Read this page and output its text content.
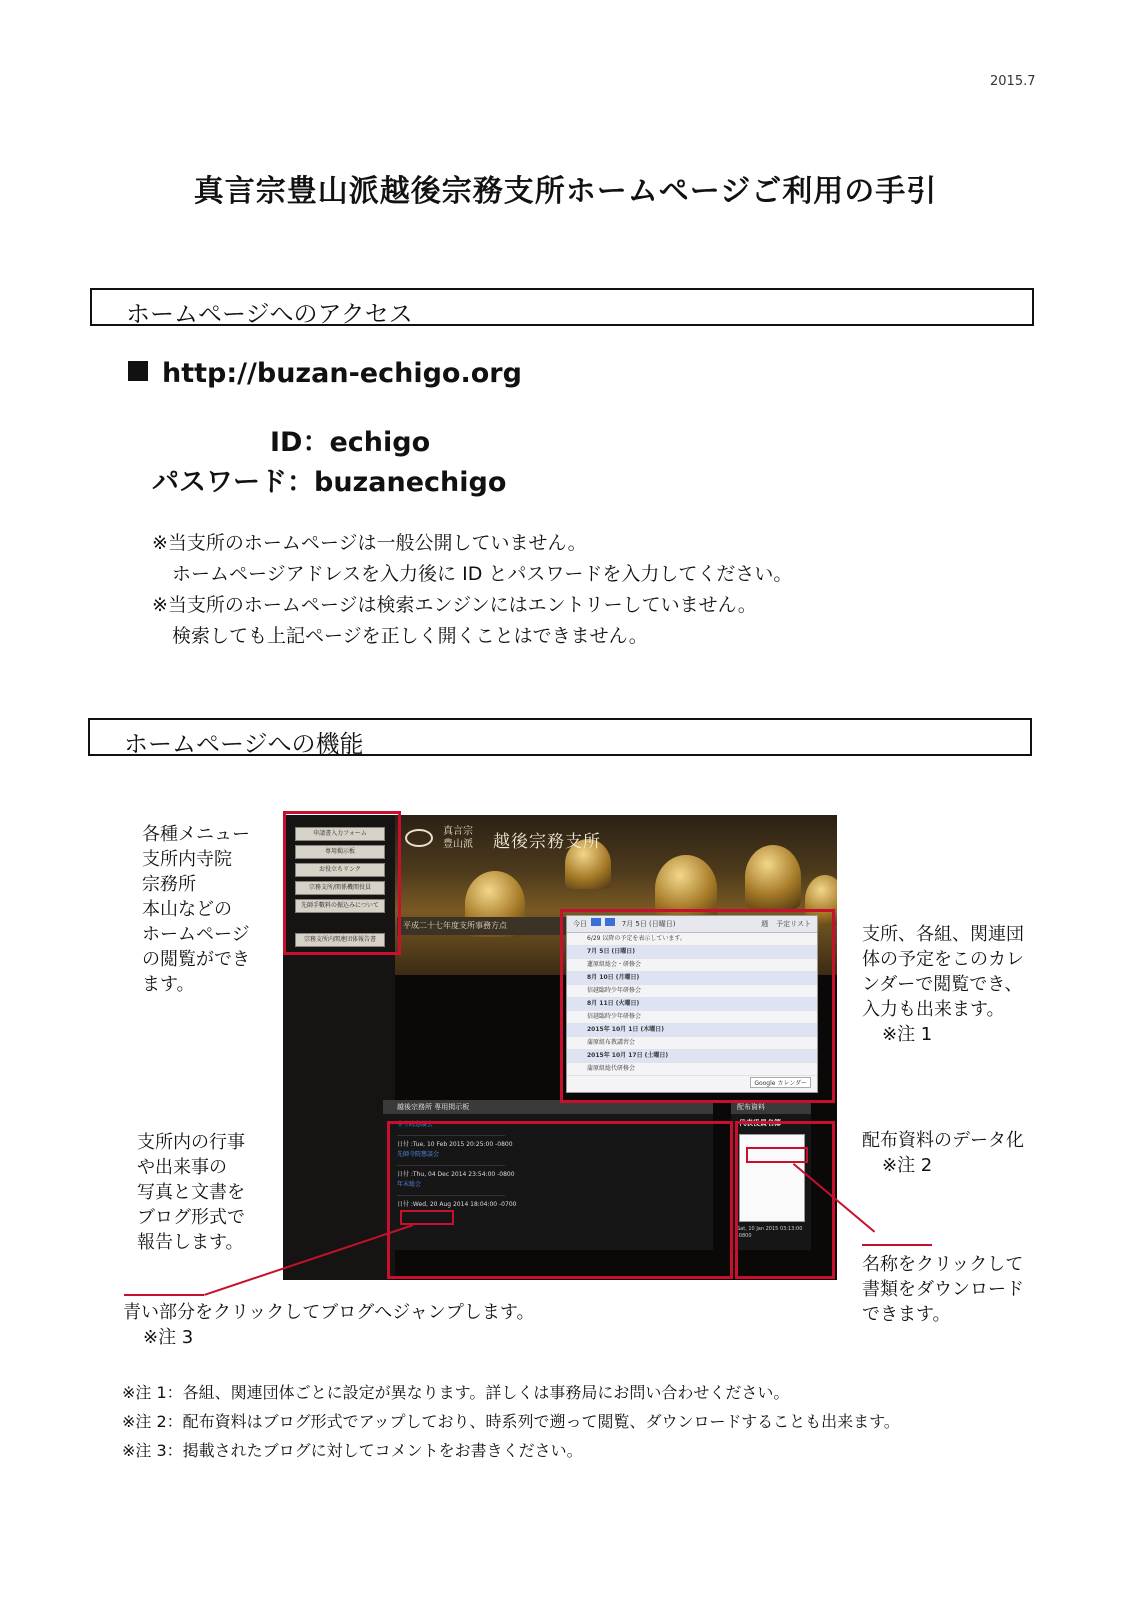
2015.7
真言宗豊山派越後宗務支所ホームページご利用の手引
ホームページへのアクセス
http://buzan-echigo.org
ID：echigo
パスワード：buzanechigo
※当支所のホームページは一般公開していません。
ホームページアドレスを入力後に ID とパスワードを入力してください。
※当支所のホームページは検索エンジンにはエントリーしていません。
検索しても上記ページを正しく開くことはできません。
ホームページへの機能
各種メニュー
支所内寺院
宗務所
本山などの
ホームページ
の閲覧ができ
ます。
支所内の行事
や出来事の
写真と文書を
ブログ形式で
報告します。
支所、各組、関連団
体の予定をこのカレ
ンダーで閲覧でき、
入力も出来ます。
※注 1
配布資料のデータ化
※注 2
名称をクリックして
書類をダウンロード
できます。
青い部分をクリックしてブログへジャンプします。
※注 3
申請書入力フォーム
専用掲示板
お役立ちリンク
宗務支所/関係機関役員
先師手數料の振込みについて
宗務支所内関連団体報告書
真言宗
豊山派 越後宗務支所
平成二十七年度支所事務方点	今日	7月 5日 (日曜日)	予定リスト
週
6/29 以降の予定を表示しています。
7月 5日 (日曜日)
蓮原組総会・研修会
8月 10日 (月曜日)
信越臨時少年研修会
8月 11日 (火曜日)
信越臨時少年研修会
2015年 10月 1日 (木曜日)
蒲原組布教講習会
2015年 10月 17日 (土曜日)
蒲原組総代研修会
Google カレンダー
越後宗務所 専用掲示板
全寺院懇談会
………………………………………………
日付 :Tue, 10 Feb 2015 20:25:00 -0800
先師寺院懇談会
………………………………………………
日付 :Thu, 04 Dec 2014 23:54:00 -0800
年末総会
………………………………………………
日付 :Wed, 20 Aug 2014 18:04:00 -0700
配布資料
代表役員名簿
Sat, 10 Jan 2015 03:13:00 -0800
※注 1：各組、関連団体ごとに設定が異なります。詳しくは事務局にお問い合わせください。
※注 2：配布資料はブログ形式でアップしており、時系列で遡って閲覧、ダウンロードすることも出来ます。
※注 3：掲載されたブログに対してコメントをお書きください。
